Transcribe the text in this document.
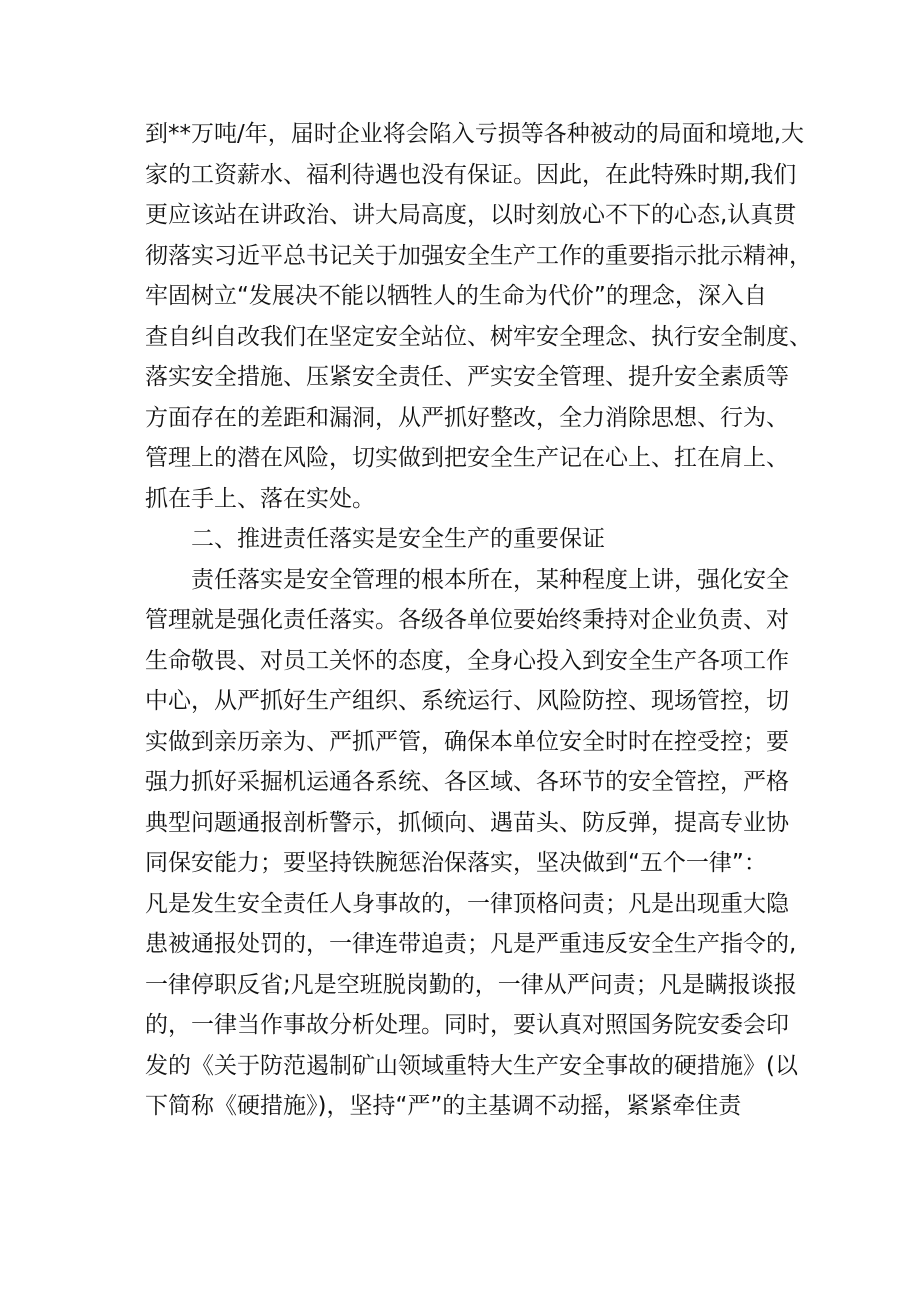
到**万吨/年，届时企业将会陷入亏损等各种被动的局面和境地,大
家的工资薪水、福利待遇也没有保证。因此，在此特殊时期,我们
更应该站在讲政治、讲大局高度，以时刻放心不下的心态,认真贯
彻落实习近平总书记关于加强安全生产工作的重要指示批示精神，
牢固树立“发展决不能以牺牲人的生命为代价”的理念，深入自
查自纠自改我们在坚定安全站位、树牢安全理念、执行安全制度、
落实安全措施、压紧安全责任、严实安全管理、提升安全素质等
方面存在的差距和漏洞，从严抓好整改，全力消除思想、行为、
管理上的潜在风险，切实做到把安全生产记在心上、扛在肩上、
抓在手上、落在实处。
　　二、推进责任落实是安全生产的重要保证
　　责任落实是安全管理的根本所在，某种程度上讲，强化安全
管理就是强化责任落实。各级各单位要始终秉持对企业负责、对
生命敬畏、对员工关怀的态度，全身心投入到安全生产各项工作
中心，从严抓好生产组织、系统运行、风险防控、现场管控，切
实做到亲历亲为、严抓严管，确保本单位安全时时在控受控；要
强力抓好采掘机运通各系统、各区域、各环节的安全管控，严格
典型问题通报剖析警示，抓倾向、遇苗头、防反弹，提高专业协
同保安能力；要坚持铁腕惩治保落实，坚决做到“五个一律”：
凡是发生安全责任人身事故的，一律顶格问责；凡是出现重大隐
患被通报处罚的，一律连带追责；凡是严重违反安全生产指令的,
一律停职反省;凡是空班脱岗勤的，一律从严问责；凡是瞒报谈报
的，一律当作事故分析处理。同时，要认真对照国务院安委会印
发的《关于防范遏制矿山领域重特大生产安全事故的硬措施》(以
下简称《硬措施》)，坚持“严”的主基调不动摇，紧紧牵住责
